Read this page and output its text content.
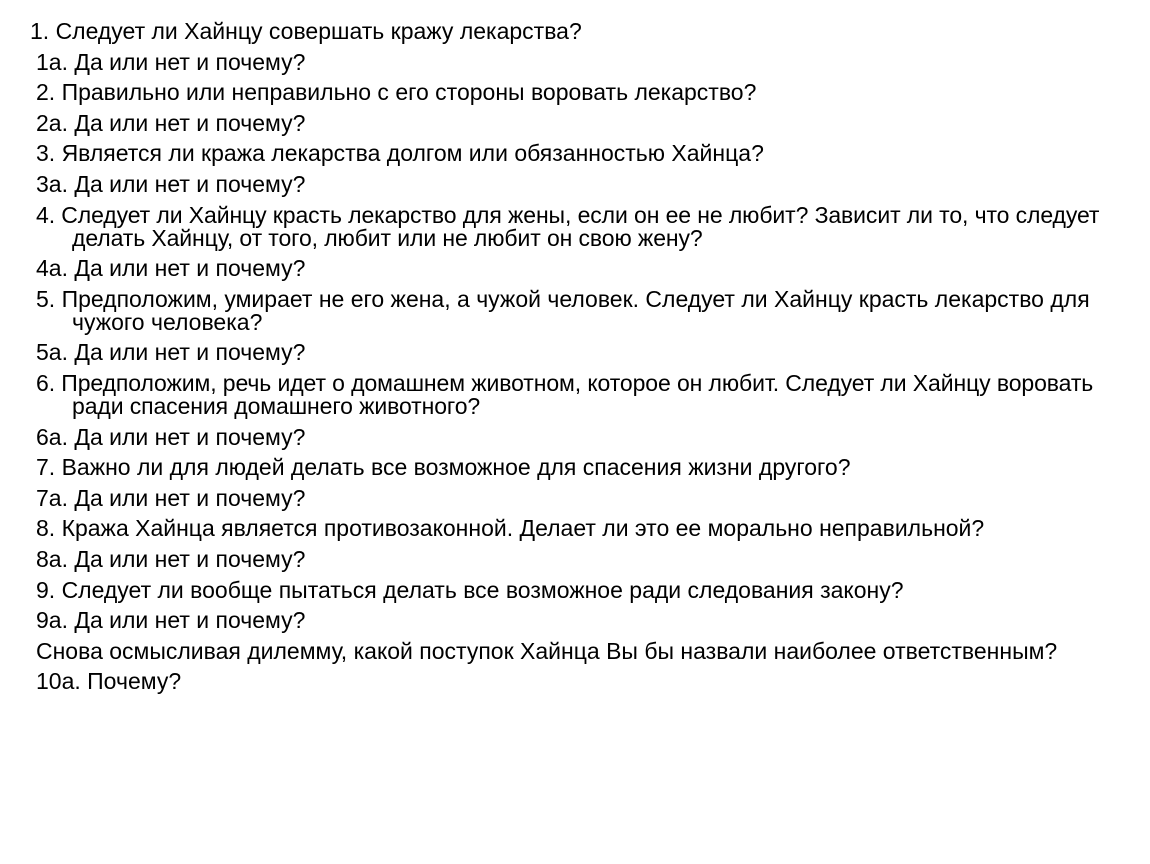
1. Следует ли Хайнцу совершать кражу лекарства?
1а. Да или нет и почему?
2. Правильно или неправильно с его стороны воровать лекарство?
2а. Да или нет и почему?
3. Является ли кража лекарства долгом или обязанностью Хайнца?
3а. Да или нет и почему?
4. Следует ли Хайнцу красть лекарство для жены, если он ее не любит? Зависит ли то, что следует делать Хайнцу, от того, любит или не любит он свою жену?
4а. Да или нет и почему?
5. Предположим, умирает не его жена, а чужой человек. Следует ли Хайнцу красть лекарство для чужого человека?
5а. Да или нет и почему?
6. Предположим, речь идет о домашнем животном, которое он любит. Следует ли Хайнцу воровать ради спасения домашнего животного?
6а. Да или нет и почему?
7. Важно ли для людей делать все возможное для спасения жизни другого?
7а. Да или нет и почему?
8. Кража Хайнца является противозаконной. Делает ли это ее морально неправильной?
8а. Да или нет и почему?
9. Следует ли вообще пытаться делать все возможное ради следования закону?
9а. Да или нет и почему?
Снова осмысливая дилемму, какой поступок Хайнца Вы бы назвали наиболее ответственным?
10а. Почему?
